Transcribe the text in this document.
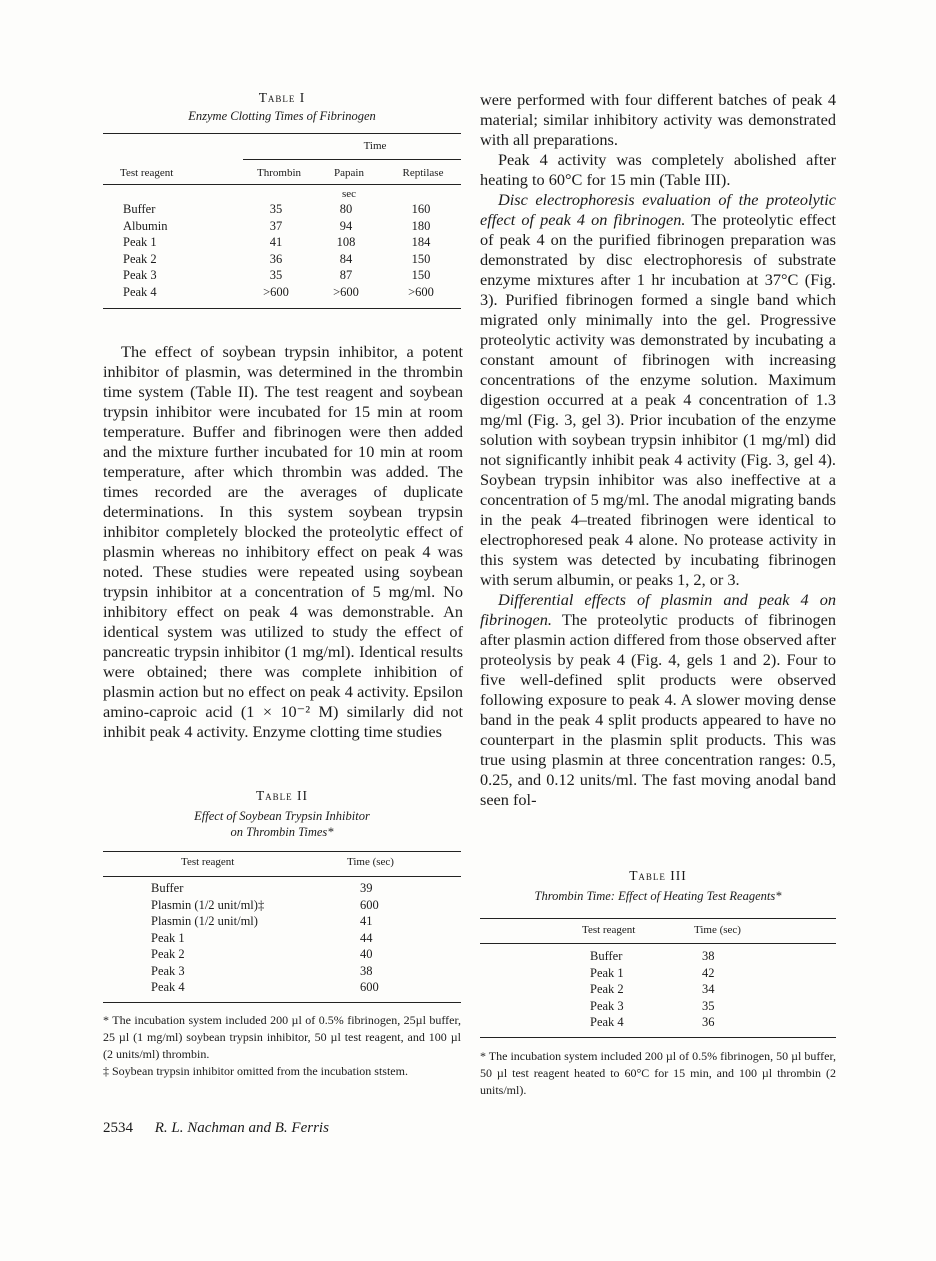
Table I

Enzyme Clotting Times of Fibrinogen

Time
Test reagent	Thrombin	Papain	Reptilase
sec
Buffer	35	80	160
Albumin	37	94	180
Peak 1	41	108	184
Peak 2	36	84	150
Peak 3	35	87	150
Peak 4	>600	>600	>600

The effect of soybean trypsin inhibitor, a potent inhibitor of plasmin, was determined in the thrombin time system (Table II). The test reagent and soybean trypsin inhibitor were incubated for 15 min at room temperature. Buffer and fibrinogen were then added and the mixture further incubated for 10 min at room temperature, after which thrombin was added. The times recorded are the averages of duplicate determinations. In this system soybean trypsin inhibitor completely blocked the proteolytic effect of plasmin whereas no inhibitory effect on peak 4 was noted. These studies were repeated using soybean trypsin inhibitor at a concentration of 5 mg/ml. No inhibitory effect on peak 4 was demonstrable. An identical system was utilized to study the effect of pancreatic trypsin inhibitor (1 mg/ml). Identical results were obtained; there was complete inhibition of plasmin action but no effect on peak 4 activity. Epsilon amino-caproic acid (1 × 10⁻² M) similarly did not inhibit peak 4 activity. Enzyme clotting time studies

Table II

Effect of Soybean Trypsin Inhibitor

on Thrombin Times*

Test reagent	Time (sec)
Buffer	39
Plasmin (1/2 unit/ml)‡	600
Plasmin (1/2 unit/ml)	41
Peak 1	44
Peak 2	40
Peak 3	38
Peak 4	600

* The incubation system included 200 µl of 0.5% fibrinogen, 25µl buffer, 25 µl (1 mg/ml) soybean trypsin inhibitor, 50 µl test reagent, and 100 µl (2 units/ml) thrombin.

‡ Soybean trypsin inhibitor omitted from the incubation ststem.

were performed with four different batches of peak 4 material; similar inhibitory activity was demonstrated with all preparations.

Peak 4 activity was completely abolished after heating to 60°C for 15 min (Table III).

Disc electrophoresis evaluation of the proteolytic effect of peak 4 on fibrinogen. The proteolytic effect of peak 4 on the purified fibrinogen preparation was demonstrated by disc electrophoresis of substrate enzyme mixtures after 1 hr incubation at 37°C (Fig. 3). Purified fibrinogen formed a single band which migrated only minimally into the gel. Progressive proteolytic activity was demonstrated by incubating a constant amount of fibrinogen with increasing concentrations of the enzyme solution. Maximum digestion occurred at a peak 4 concentration of 1.3 mg/ml (Fig. 3, gel 3). Prior incubation of the enzyme solution with soybean trypsin inhibitor (1 mg/ml) did not significantly inhibit peak 4 activity (Fig. 3, gel 4). Soybean trypsin inhibitor was also ineffective at a concentration of 5 mg/ml. The anodal migrating bands in the peak 4–treated fibrinogen were identical to electrophoresed peak 4 alone. No protease activity in this system was detected by incubating fibrinogen with serum albumin, or peaks 1, 2, or 3.

Differential effects of plasmin and peak 4 on fibrinogen. The proteolytic products of fibrinogen after plasmin action differed from those observed after proteolysis by peak 4 (Fig. 4, gels 1 and 2). Four to five well-defined split products were observed following exposure to peak 4. A slower moving dense band in the peak 4 split products appeared to have no counterpart in the plasmin split products. This was true using plasmin at three concentration ranges: 0.5, 0.25, and 0.12 units/ml. The fast moving anodal band seen fol-

Table III

Thrombin Time: Effect of Heating Test Reagents*

Test reagent	Time (sec)
Buffer	38
Peak 1	42
Peak 2	34
Peak 3	35
Peak 4	36

* The incubation system included 200 µl of 0.5% fibrinogen, 50 µl buffer, 50 µl test reagent heated to 60°C for 15 min, and 100 µl thrombin (2 units/ml).

2534 R. L. Nachman and B. Ferris
